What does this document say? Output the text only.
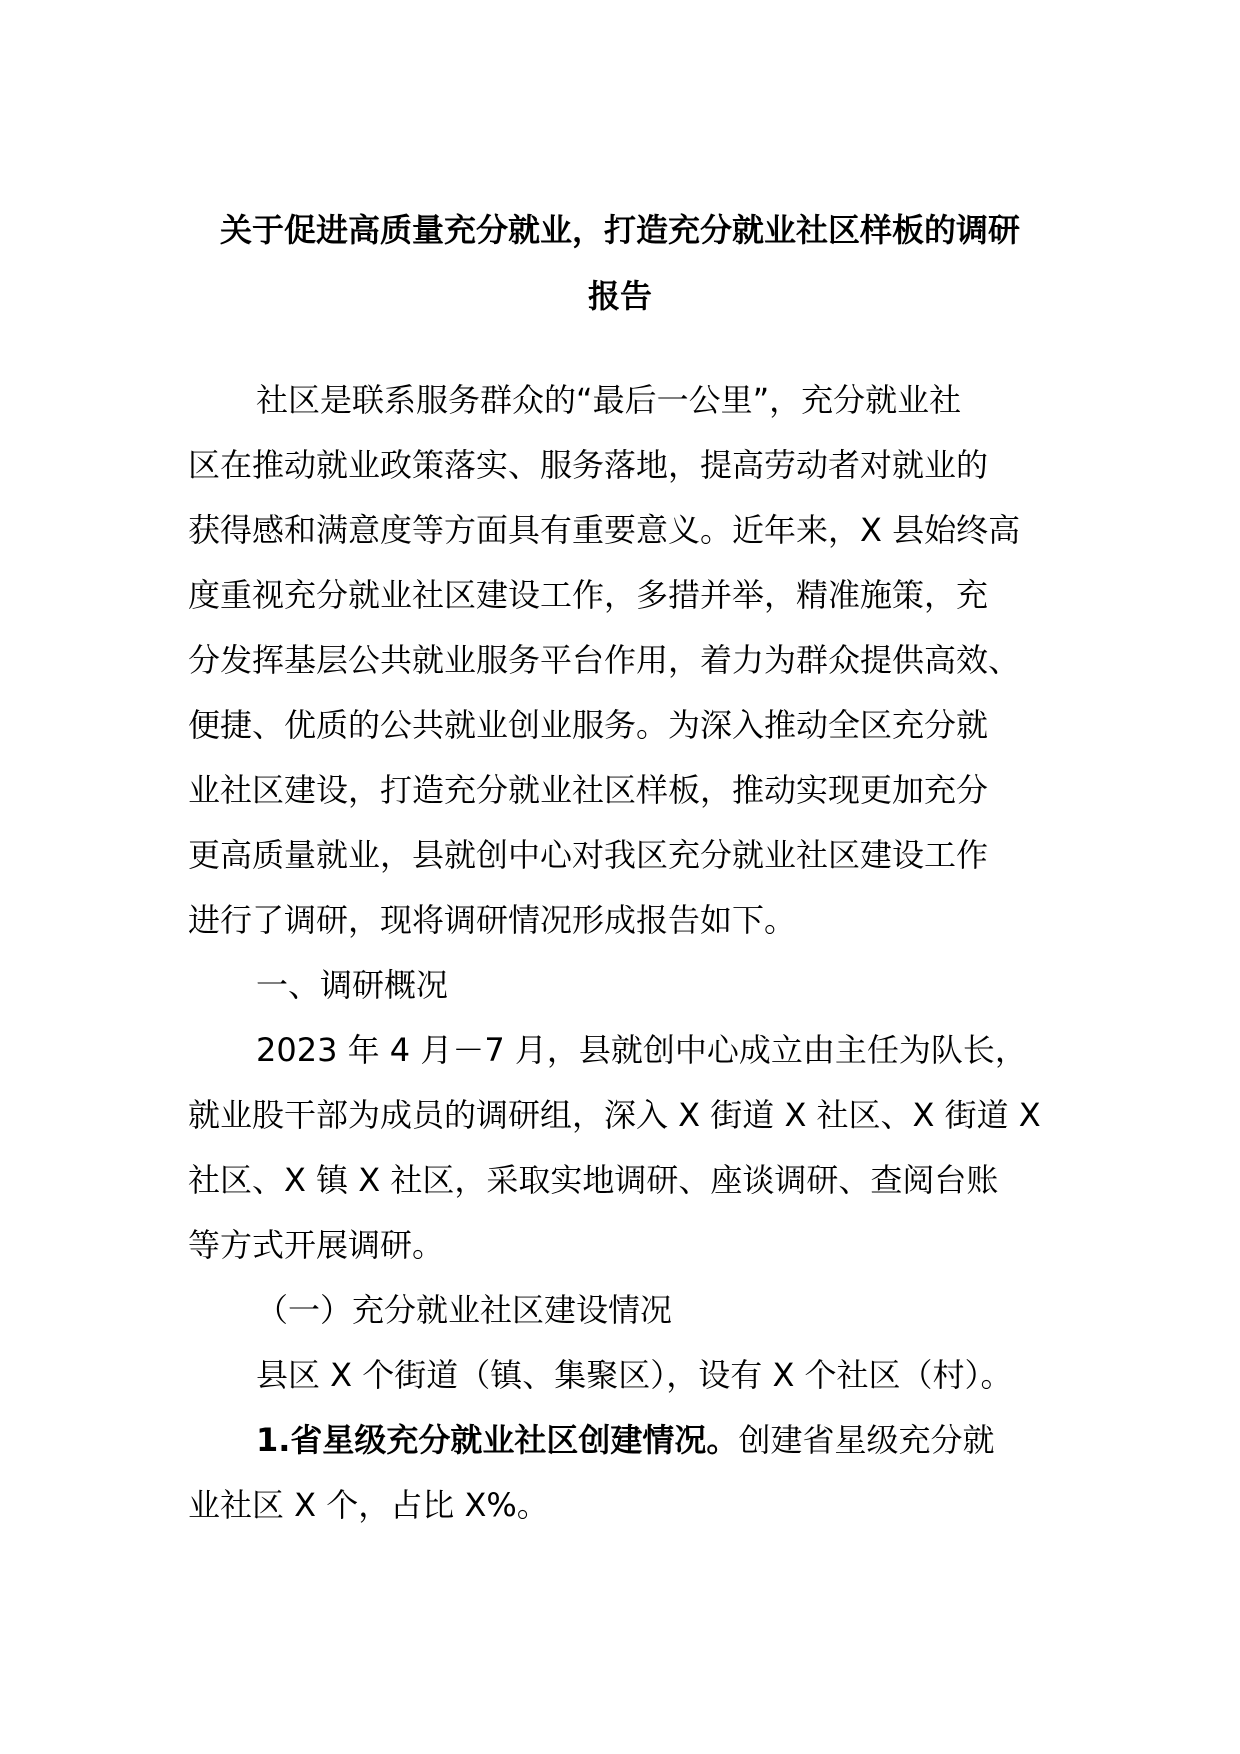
关于促进高质量充分就业，打造充分就业社区样板的调研
报告
社区是联系服务群众的“最后一公里”，充分就业社
区在推动就业政策落实、服务落地，提高劳动者对就业的
获得感和满意度等方面具有重要意义。近年来，X 县始终高
度重视充分就业社区建设工作，多措并举，精准施策，充
分发挥基层公共就业服务平台作用，着力为群众提供高效、
便捷、优质的公共就业创业服务。为深入推动全区充分就
业社区建设，打造充分就业社区样板，推动实现更加充分
更高质量就业，县就创中心对我区充分就业社区建设工作
进行了调研，现将调研情况形成报告如下。
一、调研概况
2023 年 4 月－7 月，县就创中心成立由主任为队长，
就业股干部为成员的调研组，深入 X 街道 X 社区、X 街道 X
社区、X 镇 X 社区，采取实地调研、座谈调研、查阅台账
等方式开展调研。
（一）充分就业社区建设情况
县区 X 个街道（镇、集聚区），设有 X 个社区（村）。
1.省星级充分就业社区创建情况。创建省星级充分就
业社区 X 个，占比 X%。
